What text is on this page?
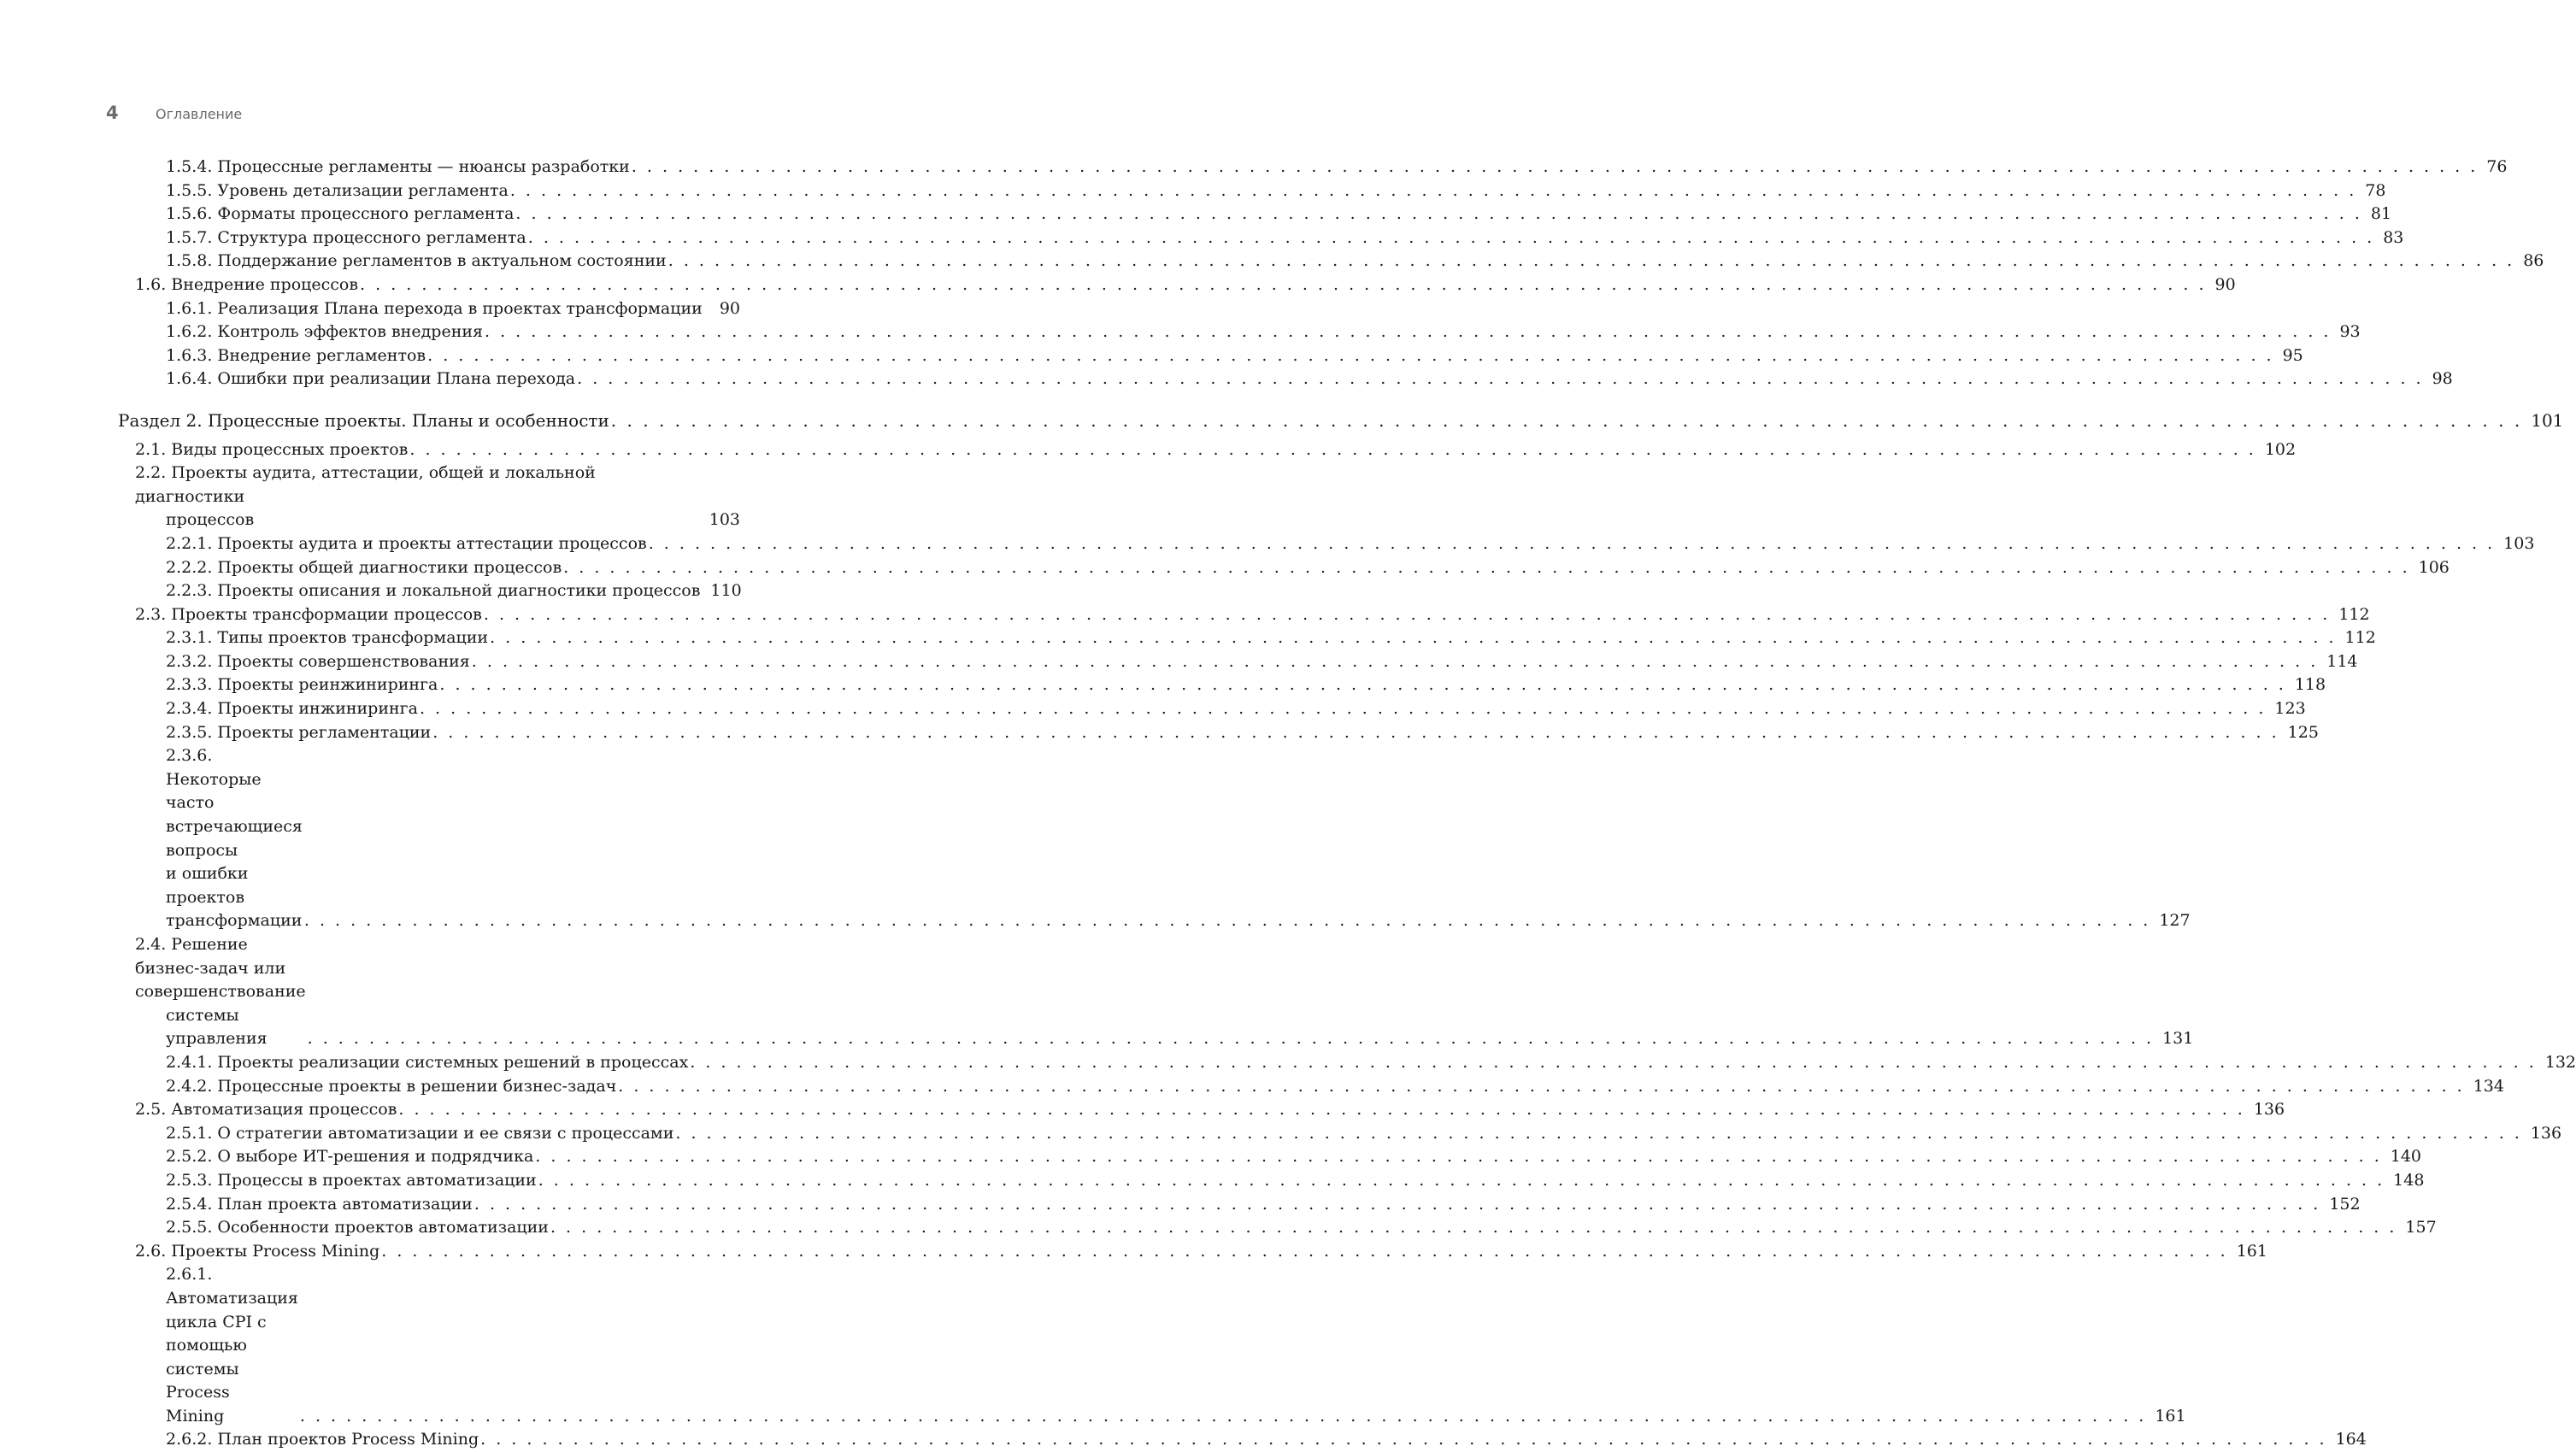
4	Оглавление
1.5.4. Процессные регламенты — нюансы разработки . . . . . . . . . . . . . . . . . . . . . . . . . . . . . . . . . . . . . . . . . . . . . . . . . . . . . . . . . . . . . . . . . . . . . . . . . . . . . . . . . . . . . . . . . . . . . . . . . . . . . . . . . . . . . . . . . . . . . . . . 76
1.5.5. Уровень детализации регламента . . . . . . . . . . . . . . . . . . . . . . . . . . . . . . . . . . . . . . . . . . . . . . . . . . . . . . . . . . . . . . . . . . . . . . . . . . . . . . . . . . . . . . . . . . . . . . . . . . . . . . . . . . . . . . . . . . . . . . . . 78
1.5.6. Форматы процессного регламента . . . . . . . . . . . . . . . . . . . . . . . . . . . . . . . . . . . . . . . . . . . . . . . . . . . . . . . . . . . . . . . . . . . . . . . . . . . . . . . . . . . . . . . . . . . . . . . . . . . . . . . . . . . . . . . . . . . . . . . . 81
1.5.7. Структура процессного регламента . . . . . . . . . . . . . . . . . . . . . . . . . . . . . . . . . . . . . . . . . . . . . . . . . . . . . . . . . . . . . . . . . . . . . . . . . . . . . . . . . . . . . . . . . . . . . . . . . . . . . . . . . . . . . . . . . . . . . . . . 83
1.5.8. Поддержание регламентов в актуальном состоянии . . . . . . . . . . . . . . . . . . . . . . . . . . . . . . . . . . . . . . . . . . . . . . . . . . . . . . . . . . . . . . . . . . . . . . . . . . . . . . . . . . . . . . . . . . . . . . . . . . . . . . . . . . . . . . . . . . . . . . . . 86
1.6. Внедрение процессов . . . . . . . . . . . . . . . . . . . . . . . . . . . . . . . . . . . . . . . . . . . . . . . . . . . . . . . . . . . . . . . . . . . . . . . . . . . . . . . . . . . . . . . . . . . . . . . . . . . . . . . . . . . . . . . . . . . . . . . . 90
1.6.1. Реализация Плана перехода в проектах трансформации	90
1.6.2. Контроль эффектов внедрения . . . . . . . . . . . . . . . . . . . . . . . . . . . . . . . . . . . . . . . . . . . . . . . . . . . . . . . . . . . . . . . . . . . . . . . . . . . . . . . . . . . . . . . . . . . . . . . . . . . . . . . . . . . . . . . . . . . . . . . . 93
1.6.3. Внедрение регламентов . . . . . . . . . . . . . . . . . . . . . . . . . . . . . . . . . . . . . . . . . . . . . . . . . . . . . . . . . . . . . . . . . . . . . . . . . . . . . . . . . . . . . . . . . . . . . . . . . . . . . . . . . . . . . . . . . . . . . . . . 95
1.6.4. Ошибки при реализации Плана перехода . . . . . . . . . . . . . . . . . . . . . . . . . . . . . . . . . . . . . . . . . . . . . . . . . . . . . . . . . . . . . . . . . . . . . . . . . . . . . . . . . . . . . . . . . . . . . . . . . . . . . . . . . . . . . . . . . . . . . . . . 98
Раздел 2. Процессные проекты. Планы и особенности . . . . . . . . . . . . . . . . . . . . . . . . . . . . . . . . . . . . . . . . . . . . . . . . . . . . . . . . . . . . . . . . . . . . . . . . . . . . . . . . . . . . . . . . . . . . . . . . . . . . . . . . . . . . . . . . . . . . . . . . 101
2.1. Виды процессных проектов . . . . . . . . . . . . . . . . . . . . . . . . . . . . . . . . . . . . . . . . . . . . . . . . . . . . . . . . . . . . . . . . . . . . . . . . . . . . . . . . . . . . . . . . . . . . . . . . . . . . . . . . . . . . . . . . . . . . . . . . 102
2.2. Проекты аудита, аттестации, общей и локальной диагностики
процессов	103
2.2.1. Проекты аудита и проекты аттестации процессов . . . . . . . . . . . . . . . . . . . . . . . . . . . . . . . . . . . . . . . . . . . . . . . . . . . . . . . . . . . . . . . . . . . . . . . . . . . . . . . . . . . . . . . . . . . . . . . . . . . . . . . . . . . . . . . . . . . . . . . . 103
2.2.2. Проекты общей диагностики процессов . . . . . . . . . . . . . . . . . . . . . . . . . . . . . . . . . . . . . . . . . . . . . . . . . . . . . . . . . . . . . . . . . . . . . . . . . . . . . . . . . . . . . . . . . . . . . . . . . . . . . . . . . . . . . . . . . . . . . . . . 106
2.2.3. Проекты описания и локальной диагностики процессов 110
2.3. Проекты трансформации процессов . . . . . . . . . . . . . . . . . . . . . . . . . . . . . . . . . . . . . . . . . . . . . . . . . . . . . . . . . . . . . . . . . . . . . . . . . . . . . . . . . . . . . . . . . . . . . . . . . . . . . . . . . . . . . . . . . . . . . . . . 112
2.3.1. Типы проектов трансформации . . . . . . . . . . . . . . . . . . . . . . . . . . . . . . . . . . . . . . . . . . . . . . . . . . . . . . . . . . . . . . . . . . . . . . . . . . . . . . . . . . . . . . . . . . . . . . . . . . . . . . . . . . . . . . . . . . . . . . . . 112
2.3.2. Проекты совершенствования . . . . . . . . . . . . . . . . . . . . . . . . . . . . . . . . . . . . . . . . . . . . . . . . . . . . . . . . . . . . . . . . . . . . . . . . . . . . . . . . . . . . . . . . . . . . . . . . . . . . . . . . . . . . . . . . . . . . . . . . 114
2.3.3. Проекты реинжиниринга . . . . . . . . . . . . . . . . . . . . . . . . . . . . . . . . . . . . . . . . . . . . . . . . . . . . . . . . . . . . . . . . . . . . . . . . . . . . . . . . . . . . . . . . . . . . . . . . . . . . . . . . . . . . . . . . . . . . . . . . 118
2.3.4. Проекты инжиниринга . . . . . . . . . . . . . . . . . . . . . . . . . . . . . . . . . . . . . . . . . . . . . . . . . . . . . . . . . . . . . . . . . . . . . . . . . . . . . . . . . . . . . . . . . . . . . . . . . . . . . . . . . . . . . . . . . . . . . . . . 123
2.3.5. Проекты регламентации . . . . . . . . . . . . . . . . . . . . . . . . . . . . . . . . . . . . . . . . . . . . . . . . . . . . . . . . . . . . . . . . . . . . . . . . . . . . . . . . . . . . . . . . . . . . . . . . . . . . . . . . . . . . . . . . . . . . . . . . 125
2.3.6. Некоторые часто встречающиеся вопросы
и ошибки проектов трансформации . . . . . . . . . . . . . . . . . . . . . . . . . . . . . . . . . . . . . . . . . . . . . . . . . . . . . . . . . . . . . . . . . . . . . . . . . . . . . . . . . . . . . . . . . . . . . . . . . . . . . . . . . . . . . . . . . . . . . . . . 127
2.4. Решение бизнес-задач или совершенствование
системы управления	. . . . . . . . . . . . . . . . . . . . . . . . . . . . . . . . . . . . . . . . . . . . . . . . . . . . . . . . . . . . . . . . . . . . . . . . . . . . . . . . . . . . . . . . . . . . . . . . . . . . . . . . . . . . . . . . . . . . . . . . 131
2.4.1. Проекты реализации системных решений в процессах . . . . . . . . . . . . . . . . . . . . . . . . . . . . . . . . . . . . . . . . . . . . . . . . . . . . . . . . . . . . . . . . . . . . . . . . . . . . . . . . . . . . . . . . . . . . . . . . . . . . . . . . . . . . . . . . . . . . . . . . 132
2.4.2. Процессные проекты в решении бизнес-задач . . . . . . . . . . . . . . . . . . . . . . . . . . . . . . . . . . . . . . . . . . . . . . . . . . . . . . . . . . . . . . . . . . . . . . . . . . . . . . . . . . . . . . . . . . . . . . . . . . . . . . . . . . . . . . . . . . . . . . . . 134
2.5. Автоматизация процессов . . . . . . . . . . . . . . . . . . . . . . . . . . . . . . . . . . . . . . . . . . . . . . . . . . . . . . . . . . . . . . . . . . . . . . . . . . . . . . . . . . . . . . . . . . . . . . . . . . . . . . . . . . . . . . . . . . . . . . . . 136
2.5.1. О стратегии автоматизации и ее связи с процессами . . . . . . . . . . . . . . . . . . . . . . . . . . . . . . . . . . . . . . . . . . . . . . . . . . . . . . . . . . . . . . . . . . . . . . . . . . . . . . . . . . . . . . . . . . . . . . . . . . . . . . . . . . . . . . . . . . . . . . . . 136
2.5.2. О выборе ИТ-решения и подрядчика . . . . . . . . . . . . . . . . . . . . . . . . . . . . . . . . . . . . . . . . . . . . . . . . . . . . . . . . . . . . . . . . . . . . . . . . . . . . . . . . . . . . . . . . . . . . . . . . . . . . . . . . . . . . . . . . . . . . . . . . 140
2.5.3. Процессы в проектах автоматизации . . . . . . . . . . . . . . . . . . . . . . . . . . . . . . . . . . . . . . . . . . . . . . . . . . . . . . . . . . . . . . . . . . . . . . . . . . . . . . . . . . . . . . . . . . . . . . . . . . . . . . . . . . . . . . . . . . . . . . . . 148
2.5.4. План проекта автоматизации . . . . . . . . . . . . . . . . . . . . . . . . . . . . . . . . . . . . . . . . . . . . . . . . . . . . . . . . . . . . . . . . . . . . . . . . . . . . . . . . . . . . . . . . . . . . . . . . . . . . . . . . . . . . . . . . . . . . . . . . 152
2.5.5. Особенности проектов автоматизации . . . . . . . . . . . . . . . . . . . . . . . . . . . . . . . . . . . . . . . . . . . . . . . . . . . . . . . . . . . . . . . . . . . . . . . . . . . . . . . . . . . . . . . . . . . . . . . . . . . . . . . . . . . . . . . . . . . . . . . . 157
2.6. Проекты Process Mining . . . . . . . . . . . . . . . . . . . . . . . . . . . . . . . . . . . . . . . . . . . . . . . . . . . . . . . . . . . . . . . . . . . . . . . . . . . . . . . . . . . . . . . . . . . . . . . . . . . . . . . . . . . . . . . . . . . . . . . . 161
2.6.1. Автоматизация цикла CPI с помощью системы Process
Mining	. . . . . . . . . . . . . . . . . . . . . . . . . . . . . . . . . . . . . . . . . . . . . . . . . . . . . . . . . . . . . . . . . . . . . . . . . . . . . . . . . . . . . . . . . . . . . . . . . . . . . . . . . . . . . . . . . . . . . . . . 161
2.6.2. План проектов Process Mining . . . . . . . . . . . . . . . . . . . . . . . . . . . . . . . . . . . . . . . . . . . . . . . . . . . . . . . . . . . . . . . . . . . . . . . . . . . . . . . . . . . . . . . . . . . . . . . . . . . . . . . . . . . . . . . . . . . . . . . . 164
